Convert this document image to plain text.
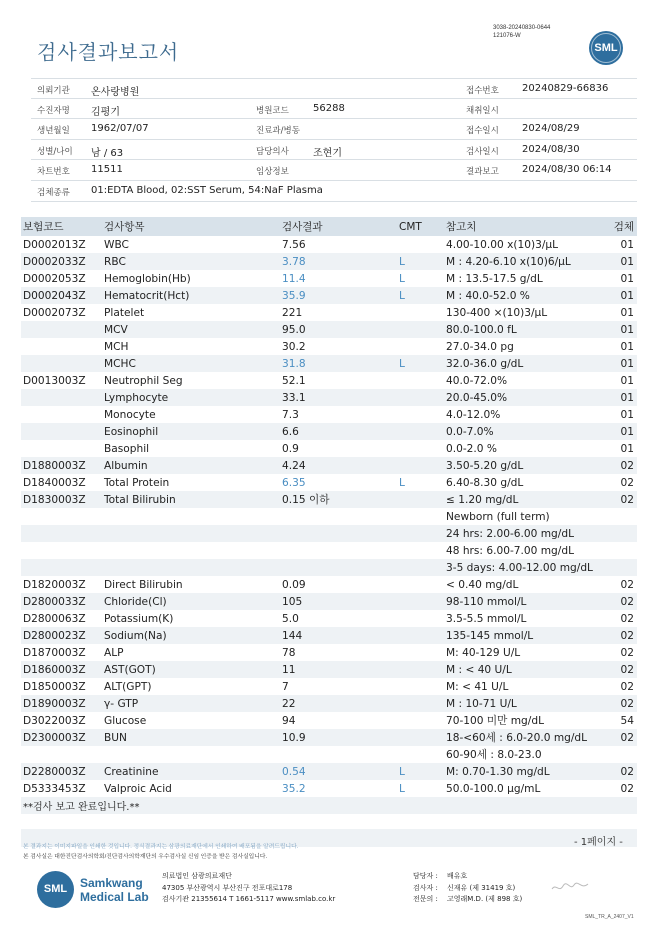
3038-20240830-0644
121076-W
검사결과보고서	SML
의뢰기관 온사랑병원	접수번호 20240829-66836
수진자명 김평기	병원코드 56288	채취일시
생년월일 1962/07/07	진료과/병동	접수일시 2024/08/29
성별/나이 남 / 63	담당의사 조현기	검사일시 2024/08/30
차트번호 11511	임상정보	결과보고 2024/08/30 06:14
검체종류 01:EDTA Blood, 02:SST Serum, 54:NaF Plasma
보험코드	검사항목	검사결과	CMT	참고치	검체
D0002013Z	WBC	7.56		4.00-10.00 x(10)3/μL	01
D0002033Z	RBC	3.78	L	M : 4.20-6.10 x(10)6/μL	01
D0002053Z	Hemoglobin(Hb)	11.4	L	M : 13.5-17.5 g/dL	01
D0002043Z	Hematocrit(Hct)	35.9	L	M : 40.0-52.0 %	01
D0002073Z	Platelet	221		130-400 ×(10)3/μL	01
	MCV	95.0		80.0-100.0 fL	01
	MCH	30.2		27.0-34.0 pg	01
	MCHC	31.8	L	32.0-36.0 g/dL	01
D0013003Z	Neutrophil Seg	52.1		40.0-72.0%	01
	Lymphocyte	33.1		20.0-45.0%	01
	Monocyte	7.3		4.0-12.0%	01
	Eosinophil	6.6		0.0-7.0%	01
	Basophil	0.9		0.0-2.0 %	01
D1880003Z	Albumin	4.24		3.50-5.20 g/dL	02
D1840003Z	Total Protein	6.35	L	6.40-8.30 g/dL	02
D1830003Z	Total Bilirubin	0.15 이하		≤ 1.20 mg/dL	02
				Newborn (full term)	
				24 hrs: 2.00-6.00 mg/dL	
				48 hrs: 6.00-7.00 mg/dL	
				3-5 days: 4.00-12.00 mg/dL	
D1820003Z	Direct Bilirubin	0.09		< 0.40 mg/dL	02
D2800033Z	Chloride(Cl)	105		98-110 mmol/L	02
D2800063Z	Potassium(K)	5.0		3.5-5.5 mmol/L	02
D2800023Z	Sodium(Na)	144		135-145 mmol/L	02
D1870003Z	ALP	78		M: 40-129 U/L	02
D1860003Z	AST(GOT)	11		M : < 40 U/L	02
D1850003Z	ALT(GPT)	7		M: < 41 U/L	02
D1890003Z	γ- GTP	22		M : 10-71 U/L	02
D3022003Z	Glucose	94		70-100 미만 mg/dL	54
D2300003Z	BUN	10.9		18-<60세 : 6.0-20.0 mg/dL	02
				60-90세 : 8.0-23.0	
D2280003Z	Creatinine	0.54	L	M: 0.70-1.30 mg/dL	02
D5333453Z	Valproic Acid	35.2	L	50.0-100.0 μg/mL	02
**검사 보고 완료입니다.**					
- 1페이지 -
본 결과지는 이미지파일을 인쇄한 것입니다. 정식결과지는 삼광의료재단에서 인쇄하여 배포됨을 알려드립니다.
본 검사실은 대한진단검사의학회/진단검사의학재단의 우수검사실 신임 인증을 받은 검사실입니다.
SML	Samkwang
Medical Lab
의료법인 삼광의료재단
47305 부산광역시 부산진구 전포대로178
검사기관 21355614 T 1661-5117 www.smlab.co.kr
담당자 : 배유호
검사자 : 신재유 (제 31419 호)
전문의 : 고영래M.D. (제 898 호)
SML_TR_A_2407_V1
